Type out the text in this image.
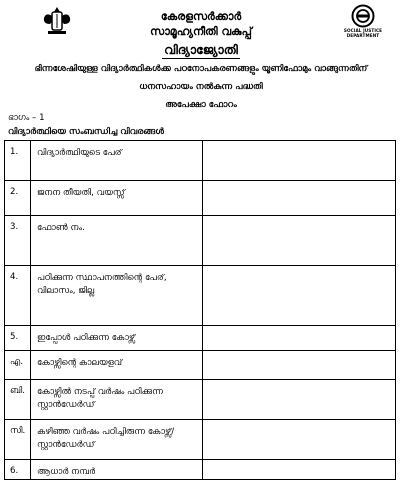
SOCIAL JUSTICE
DEPARTMENT
കേരളസർക്കാർ
സാമൂഹ്യനീതി വകുപ്പ്
വിദ്യാജ്യോതി
ഭിന്നശേഷിയുള്ള വിദ്യാർത്ഥികൾക്ക പഠനോപകരണങ്ങളും യൂണിഫോമും വാങ്ങുന്നതിന്
ധനസഹായം നൽകുന്ന പദ്ധതി
അപേക്ഷാ ഫോറം
ഭാഗം – 1
വിദ്യാർത്ഥിയെ സംബന്ധിച്ച വിവരങ്ങൾ
1.	വിദ്യാർത്ഥിയുടെ പേര്	
2.	ജനന തീയതി, വയസ്സ്	
3.	ഫോൺ നം.	
4.	പഠിക്കുന്ന സ്ഥാപനത്തിന്റെ പേര്, വിലാസം, ജില്ല	
5.	ഇപ്പോൾ പഠിക്കുന്ന കോഴ്സ്	
എ.	കോഴ്സിന്റെ കാലയളവ്	
ബി.	കോഴ്സിൽ നടപ്പ് വർഷം പഠിക്കുന്ന സ്റ്റാൻഡേർഡ്	
സി.	കഴിഞ്ഞ വർഷം പഠിച്ചിരുന്ന കോഴ്സ്/ സ്റ്റാൻഡേർഡ്	
6.	ആധാർ നമ്പർ	
